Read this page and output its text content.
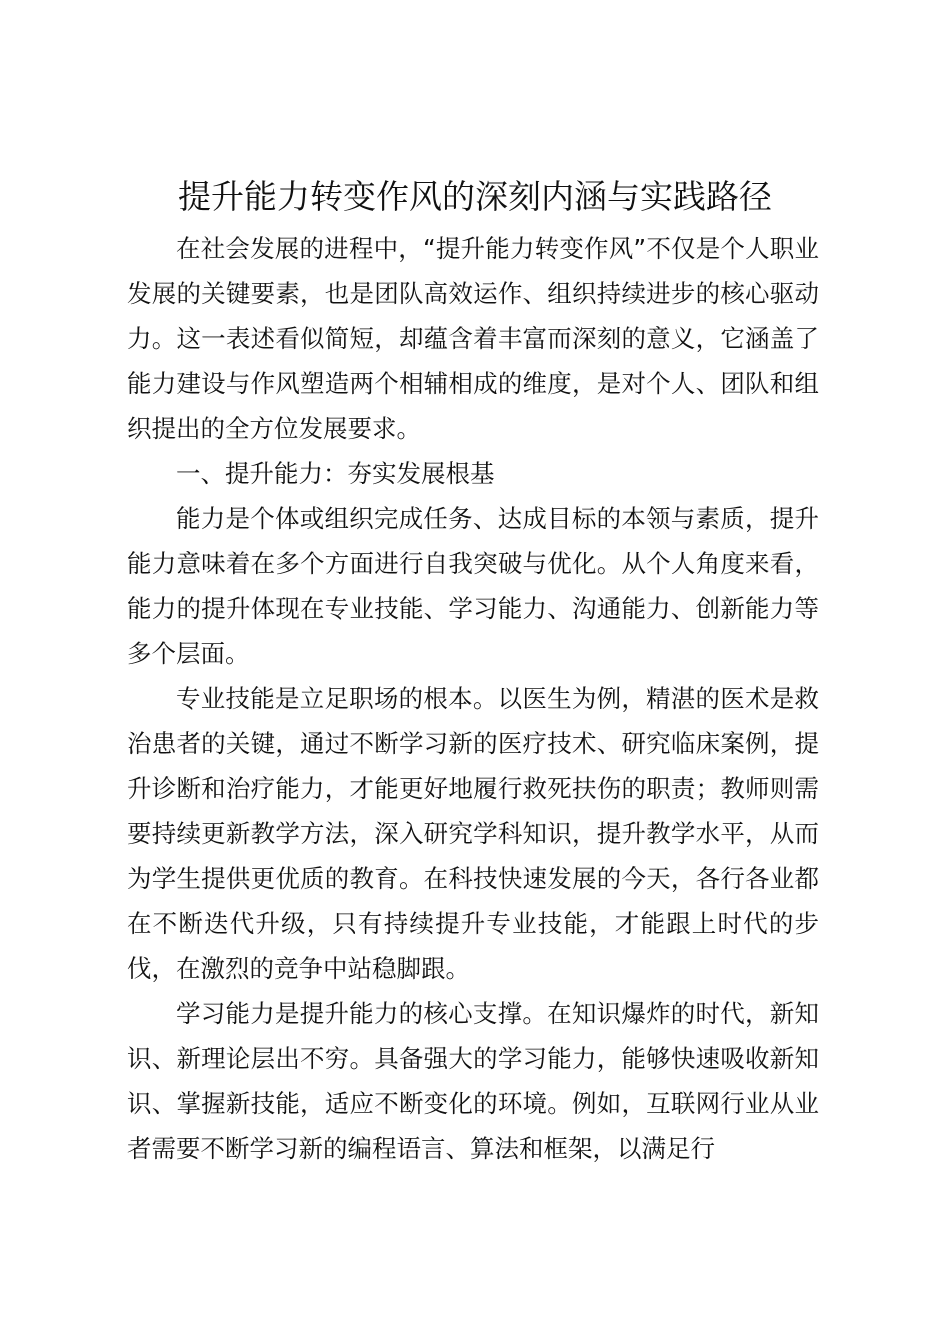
提升能力转变作风的深刻内涵与实践路径

在社会发展的进程中，“提升能力转变作风”不仅是个人职业发展的关键要素，也是团队高效运作、组织持续进步的核心驱动力。这一表述看似简短，却蕴含着丰富而深刻的意义，它涵盖了能力建设与作风塑造两个相辅相成的维度，是对个人、团队和组织提出的全方位发展要求。

一、提升能力：夯实发展根基

能力是个体或组织完成任务、达成目标的本领与素质，提升能力意味着在多个方面进行自我突破与优化。从个人角度来看，能力的提升体现在专业技能、学习能力、沟通能力、创新能力等多个层面。

专业技能是立足职场的根本。以医生为例，精湛的医术是救治患者的关键，通过不断学习新的医疗技术、研究临床案例，提升诊断和治疗能力，才能更好地履行救死扶伤的职责；教师则需要持续更新教学方法，深入研究学科知识，提升教学水平，从而为学生提供更优质的教育。在科技快速发展的今天，各行各业都在不断迭代升级，只有持续提升专业技能，才能跟上时代的步伐，在激烈的竞争中站稳脚跟。

学习能力是提升能力的核心支撑。在知识爆炸的时代，新知识、新理论层出不穷。具备强大的学习能力，能够快速吸收新知识、掌握新技能，适应不断变化的环境。例如，互联网行业从业者需要不断学习新的编程语言、算法和框架，以满足行
